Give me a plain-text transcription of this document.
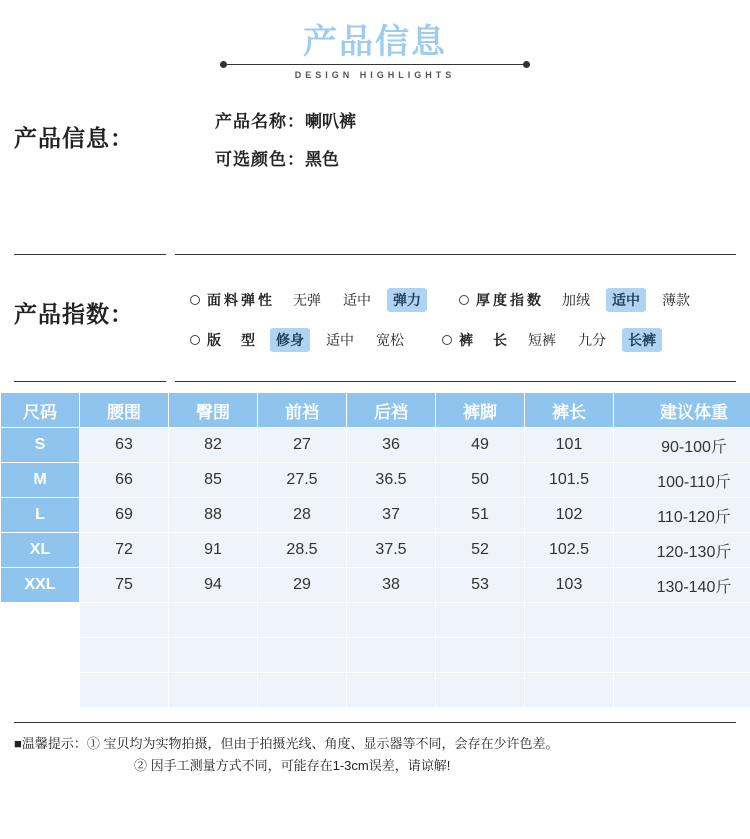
产品信息
DESIGN HIGHLIGHTS
产品信息：
产品名称：喇叭裤
可选颜色：黑色
产品指数：
面料弹性	无弹	适中	弹力	厚度指数	加绒	适中	薄款
版　型	修身	适中	宽松	裤　长	短裤	九分	长裤
尺码	腰围	臀围	前裆	后裆	裤脚	裤长	建议体重
S	63	82	27	36	49	101	90-100斤
M	66	85	27.5	36.5	50	101.5	100-110斤
L	69	88	28	37	51	102	110-120斤
XL	72	91	28.5	37.5	52	102.5	120-130斤
XXL	75	94	29	38	53	103	130-140斤

■温馨提示：① 宝贝均为实物拍摄，但由于拍摄光线、角度、显示器等不同，会存在少许色差。
② 因手工测量方式不同，可能存在1-3cm误差，请谅解!
